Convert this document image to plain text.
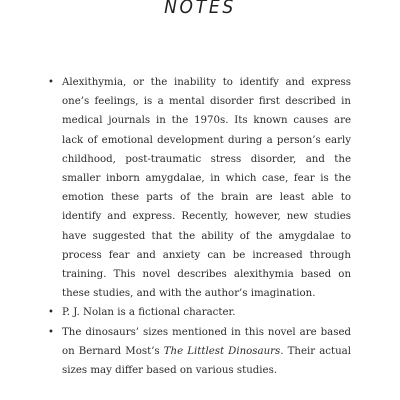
NOTES
• Alexithymia, or the inability to identify and express one’s feelings, is a mental disorder first described in medical journals in the 1970s. Its known causes are lack of emotional development during a person’s early childhood, post-traumatic stress disorder, and the smaller inborn amygdalae, in which case, fear is the emotion these parts of the brain are least able to identify and express. Recently, however, new studies have suggested that the ability of the amygdalae to process fear and anxiety can be increased through training. This novel describes alexithymia based on these studies, and with the author’s imagination.
• P. J. Nolan is a fictional character.
• The dinosaurs’ sizes mentioned in this novel are based on Bernard Most’s The Littlest Dinosaurs. Their actual sizes may differ based on various studies.
